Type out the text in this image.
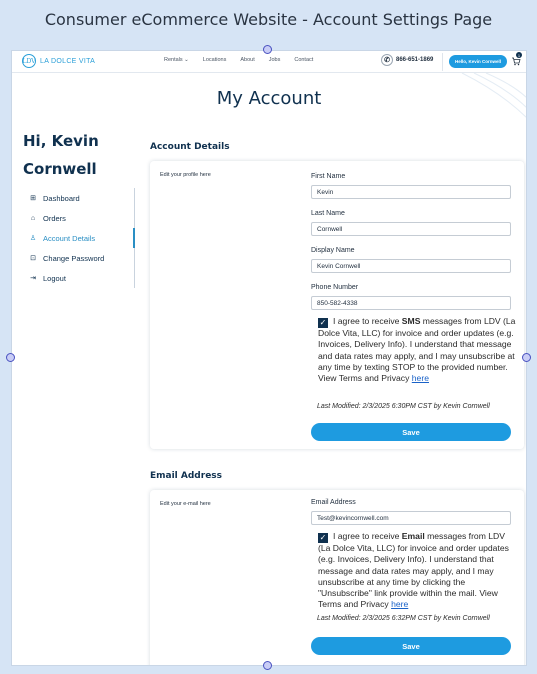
Consumer eCommerce Website - Account Settings Page
LDV LA DOLCE VITA	Rentals ⌄	Locations	About	Jobs	Contact	✆	866-651-1869	Hello, Kevin Cornwell
1
My Account
Hi, Kevin
Cornwell
⊞ Dashboard
⌂ Orders
♙ Account Details
⊡ Change Password
⇥ Logout
Account Details
Edit your profile here	First Name
Kevin
Last Name
Cornwell
Display Name
Kevin Cornwell
Phone Number
850-582-4338
✓ I agree to receive SMS messages from LDV (La Dolce Vita, LLC) for invoice and order updates (e.g. Invoices, Delivery Info). I understand that message and data rates may apply, and I may unsubscribe at any time by texting STOP to the provided number. View Terms and Privacy here
Last Modified: 2/3/2025 6:30PM CST by Kevin Cornwell
Save
Email Address
Edit your e-mail here	Email Address
Test@kevincornwell.com
✓ I agree to receive Email messages from LDV (La Dolce Vita, LLC) for invoice and order updates (e.g. Invoices, Delivery Info). I understand that message and data rates may apply, and I may unsubscribe at any time by clicking the "Unsubscribe" link provide within the mail. View Terms and Privacy here
Last Modified: 2/3/2025 6:32PM CST by Kevin Cornwell
Save
